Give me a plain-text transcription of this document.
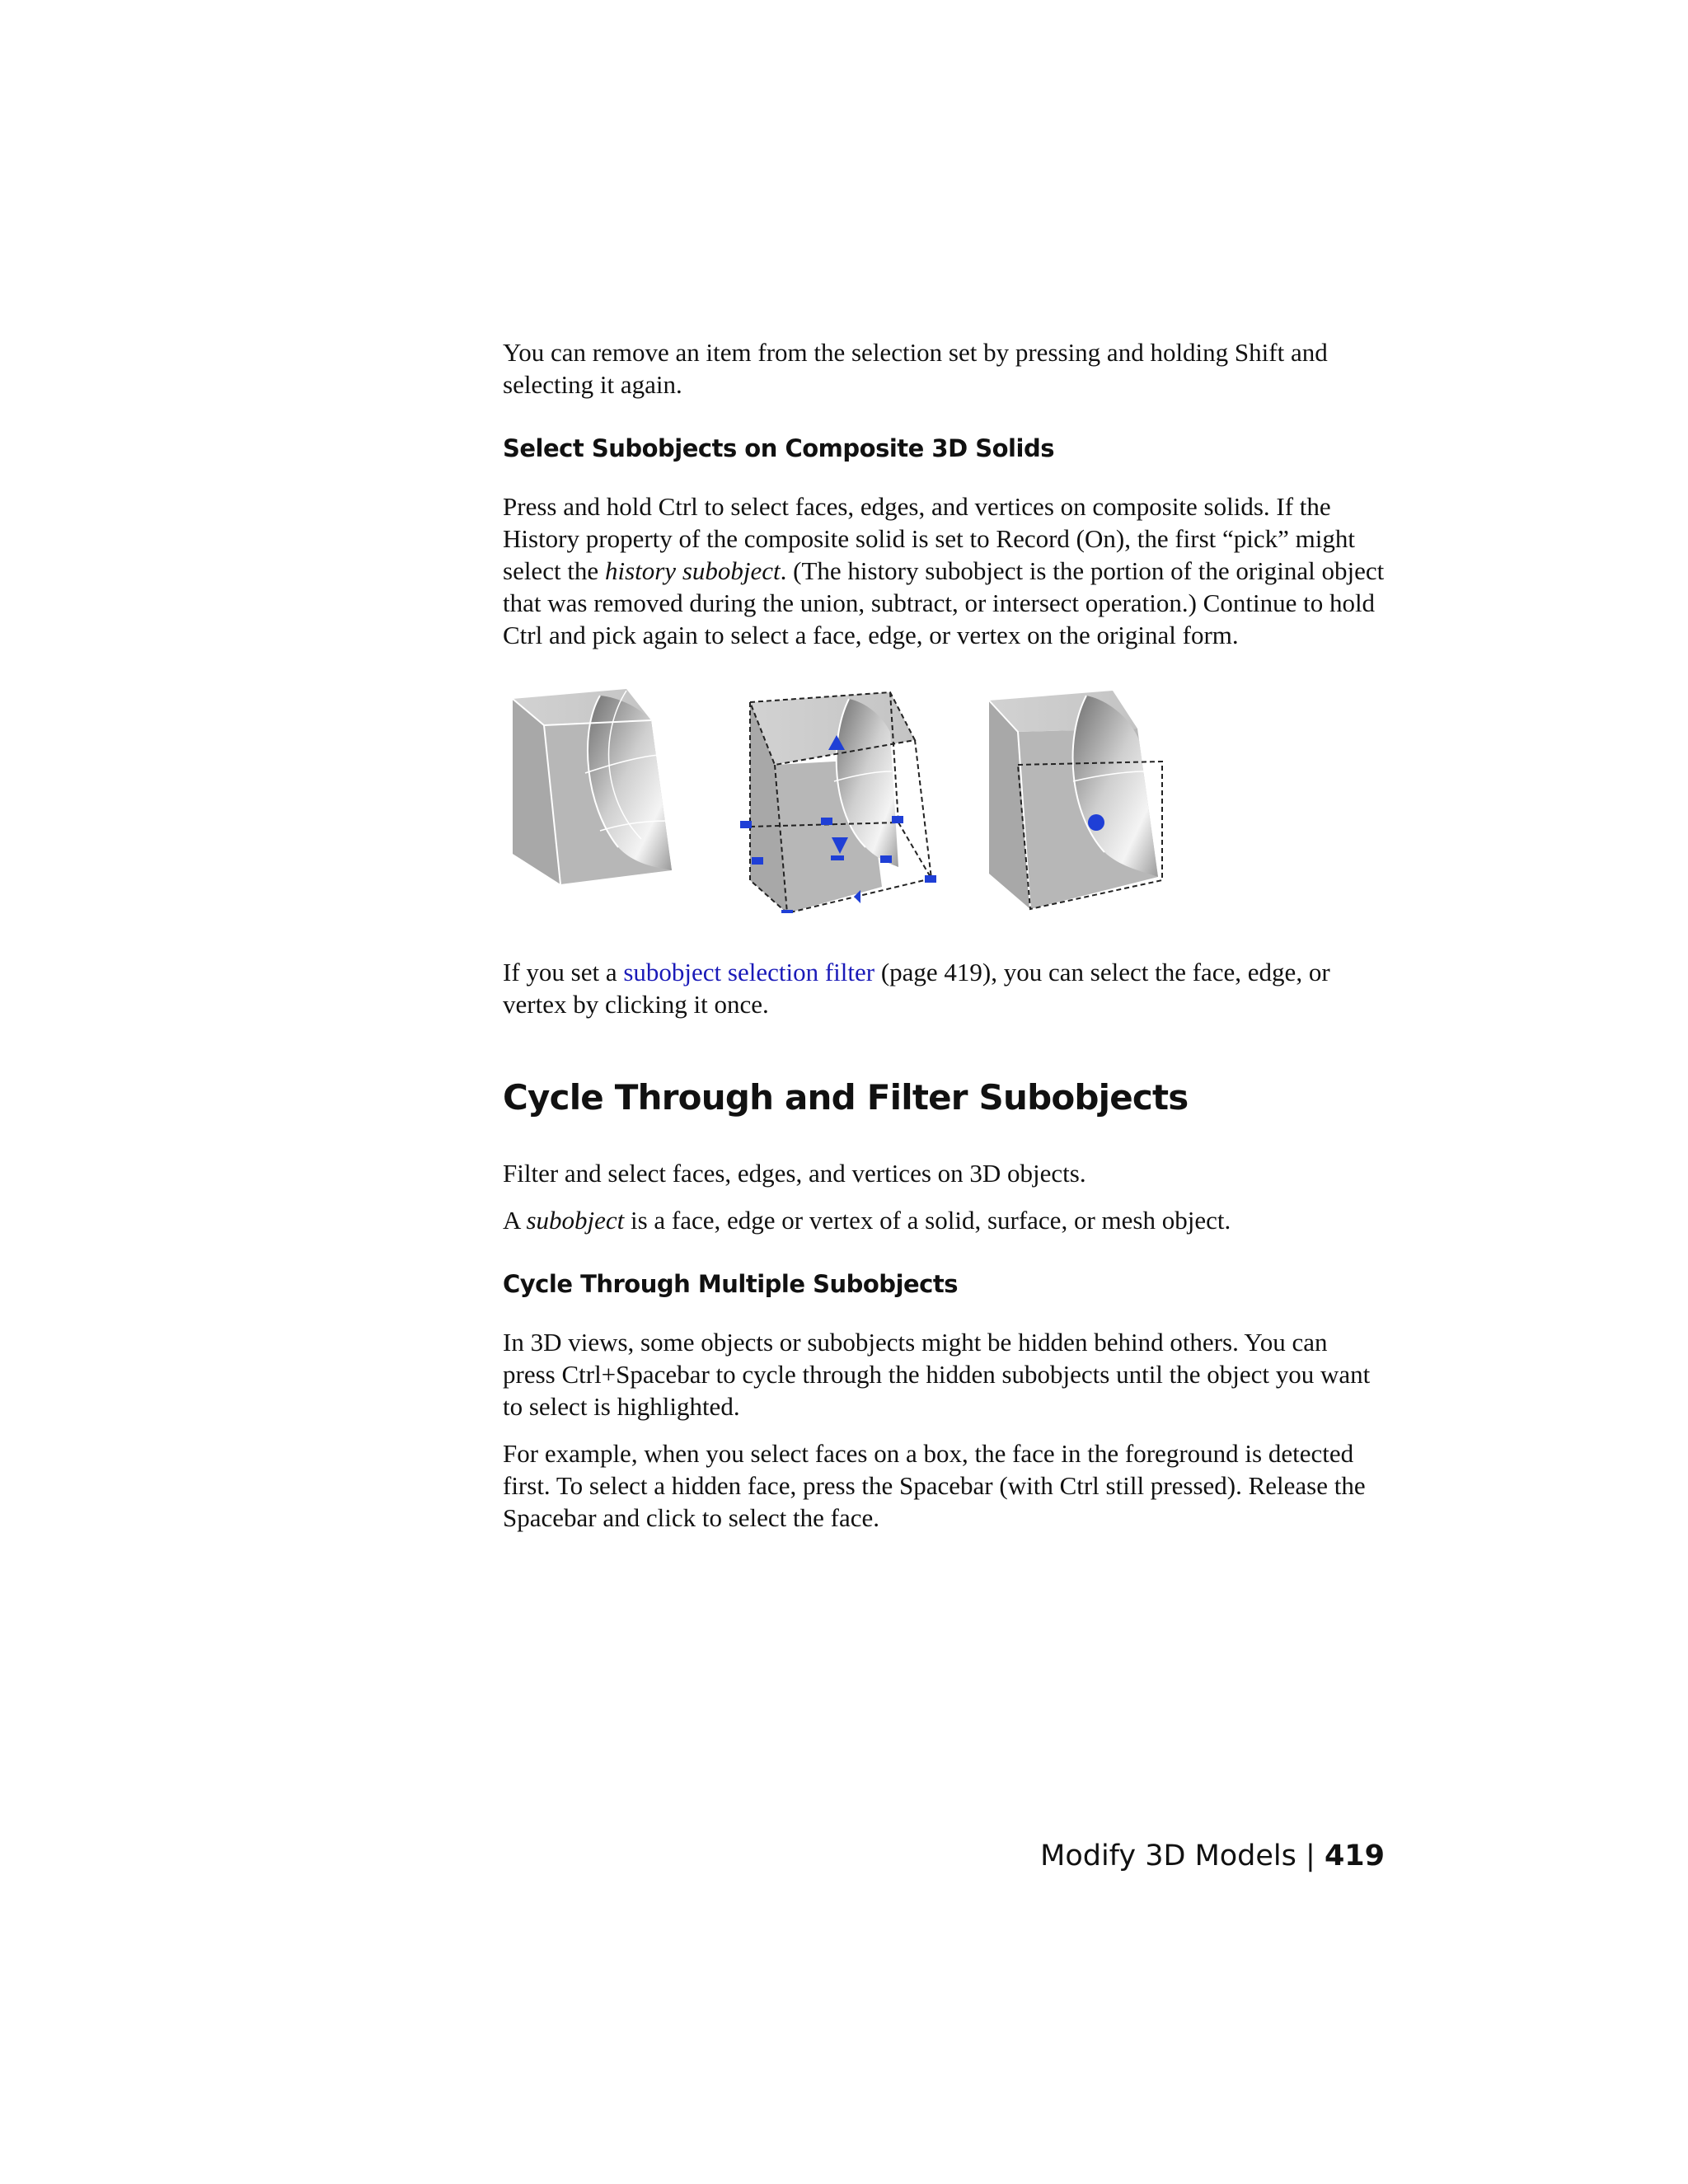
You can remove an item from the selection set by pressing and holding Shift and selecting it again.

Select Subobjects on Composite 3D Solids

Press and hold Ctrl to select faces, edges, and vertices on composite solids. If the History property of the composite solid is set to Record (On), the first “pick” might select the history subobject. (The history subobject is the portion of the original object that was removed during the union, subtract, or intersect operation.) Continue to hold Ctrl and pick again to select a face, edge, or vertex on the original form.

If you set a subobject selection filter (page 419), you can select the face, edge, or vertex by clicking it once.

Cycle Through and Filter Subobjects

Filter and select faces, edges, and vertices on 3D objects.

A subobject is a face, edge or vertex of a solid, surface, or mesh object.

Cycle Through Multiple Subobjects

In 3D views, some objects or subobjects might be hidden behind others. You can press Ctrl+Spacebar to cycle through the hidden subobjects until the object you want to select is highlighted.

For example, when you select faces on a box, the face in the foreground is detected first. To select a hidden face, press the Spacebar (with Ctrl still pressed). Release the Spacebar and click to select the face.

Modify 3D Models | 419
